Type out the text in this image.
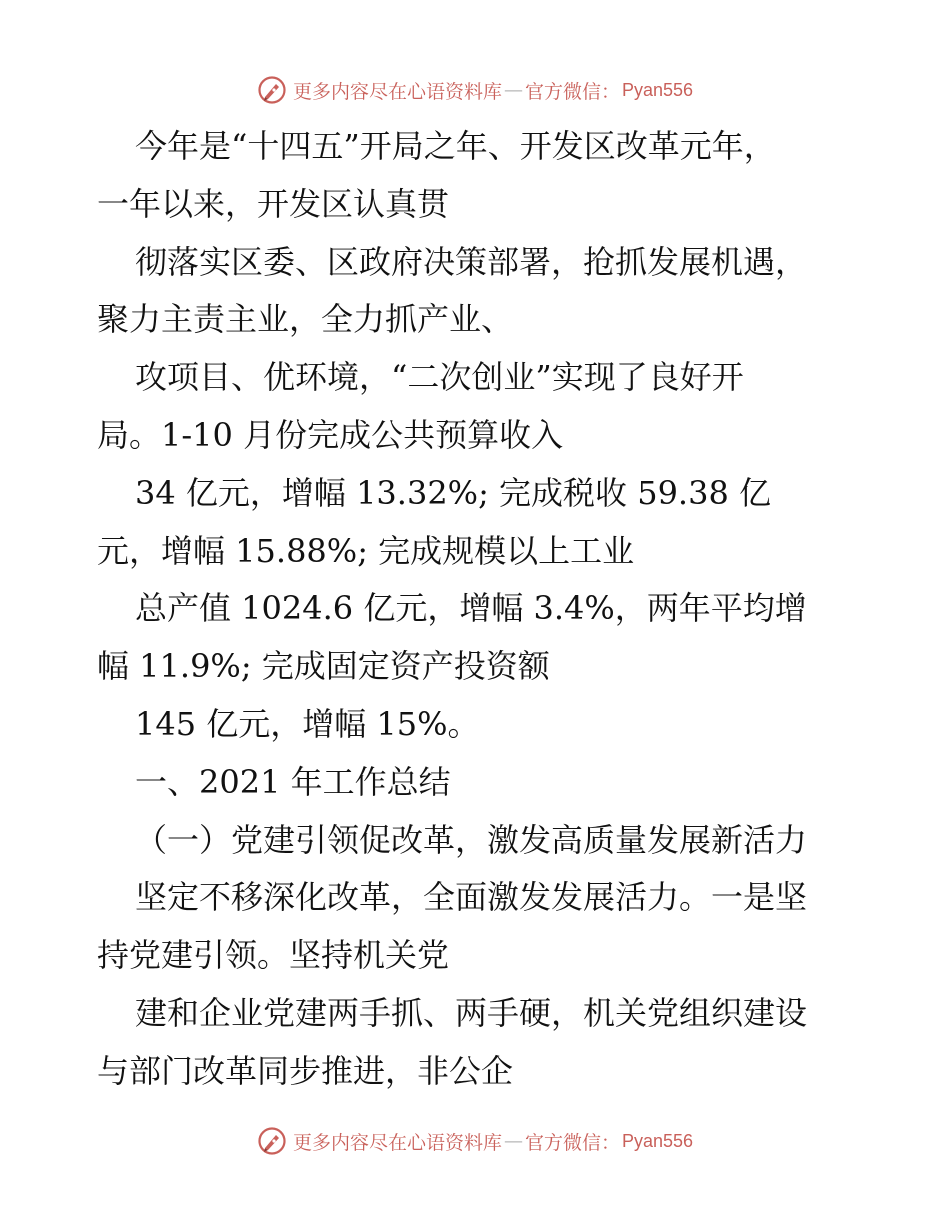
更多内容尽在心语资料库 — 官方微信： Pyan556
今年是“十四五”开局之年、开发区改革元年，
一年以来，开发区认真贯
彻落实区委、区政府决策部署，抢抓发展机遇，
聚力主责主业，全力抓产业、
攻项目、优环境，“二次创业”实现了良好开
局。1-10 月份完成公共预算收入
34 亿元，增幅 13.32%; 完成税收 59.38 亿
元，增幅 15.88%; 完成规模以上工业
总产值 1024.6 亿元，增幅 3.4%，两年平均增
幅 11.9%; 完成固定资产投资额
145 亿元，增幅 15%。
一、2021 年工作总结
（一）党建引领促改革，激发高质量发展新活力
坚定不移深化改革，全面激发发展活力。一是坚
持党建引领。坚持机关党
建和企业党建两手抓、两手硬，机关党组织建设
与部门改革同步推进，非公企
更多内容尽在心语资料库 — 官方微信： Pyan556
